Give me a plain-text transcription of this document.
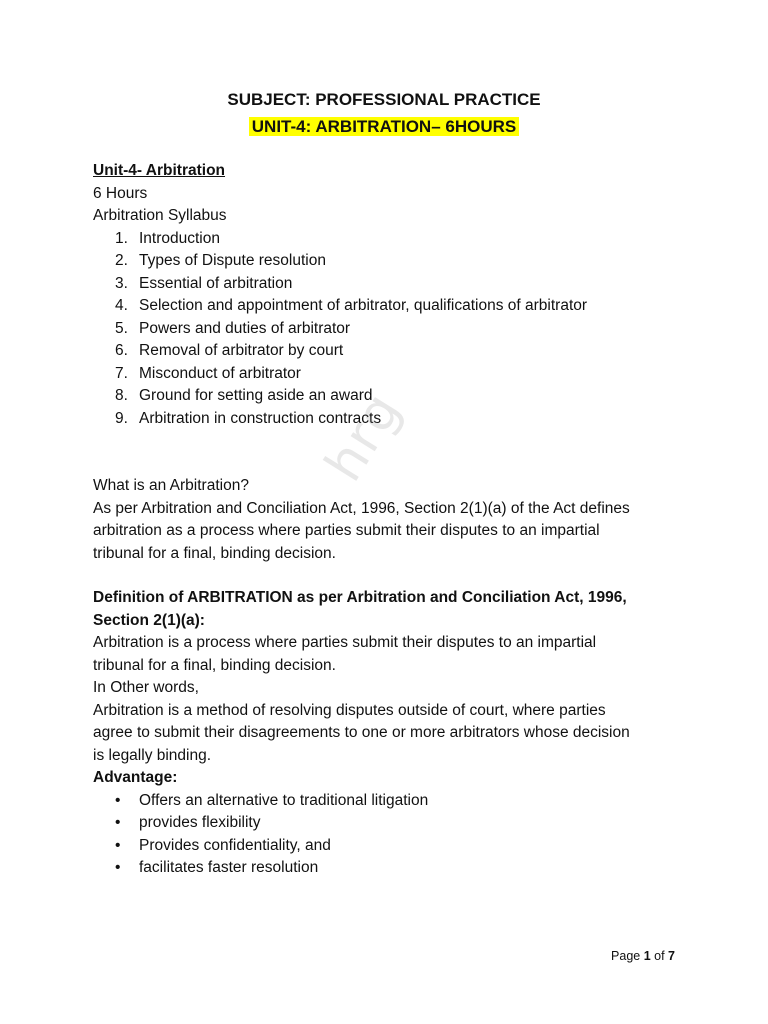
SUBJECT: PROFESSIONAL PRACTICE

UNIT-4: ARBITRATION– 6HOURS

Unit-4- Arbitration

6 Hours

Arbitration Syllabus

1. Introduction
2. Types of Dispute resolution
3. Essential of arbitration
4. Selection and appointment of arbitrator, qualifications of arbitrator
5. Powers and duties of arbitrator
6. Removal of arbitrator by court
7. Misconduct of arbitrator
8. Ground for setting aside an award
9. Arbitration in construction contracts

What is an Arbitration?

As per Arbitration and Conciliation Act, 1996, Section 2(1)(a) of the Act defines

arbitration as a process where parties submit their disputes to an impartial

tribunal for a final, binding decision.

Definition of ARBITRATION as per Arbitration and Conciliation Act, 1996,

Section 2(1)(a):

Arbitration is a process where parties submit their disputes to an impartial

tribunal for a final, binding decision.

In Other words,

Arbitration is a method of resolving disputes outside of court, where parties

agree to submit their disagreements to one or more arbitrators whose decision

is legally binding.

Advantage:

• Offers an alternative to traditional litigation
• provides flexibility
• Provides confidentiality, and
• facilitates faster resolution
hrg
Page 1 of 7
